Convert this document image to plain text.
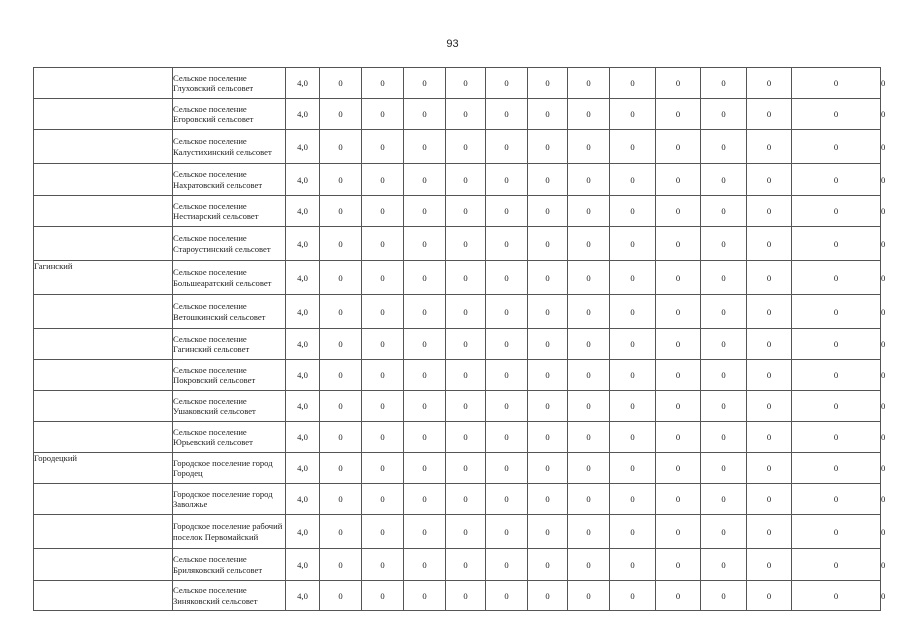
93
	Сельское поселение Глуховский сельсовет	4,0	0	0	0	0	0	0	0	0	0	0	0	0	0
	Сельское поселение Егоровский сельсовет	4,0	0	0	0	0	0	0	0	0	0	0	0	0	0
	Сельское поселение Калустихинский сельсовет	4,0	0	0	0	0	0	0	0	0	0	0	0	0	0
	Сельское поселение Нахратовский сельсовет	4,0	0	0	0	0	0	0	0	0	0	0	0	0	0
	Сельское поселение Нестиарский сельсовет	4,0	0	0	0	0	0	0	0	0	0	0	0	0	0
	Сельское поселение Староустинский сельсовет	4,0	0	0	0	0	0	0	0	0	0	0	0	0	0
Гагинский	Сельское поселение Большеаратский сельсовет	4,0	0	0	0	0	0	0	0	0	0	0	0	0	0
	Сельское поселение Ветошкинский сельсовет	4,0	0	0	0	0	0	0	0	0	0	0	0	0	0
	Сельское поселение Гагинский сельсовет	4,0	0	0	0	0	0	0	0	0	0	0	0	0	0
	Сельское поселение Покровский сельсовет	4,0	0	0	0	0	0	0	0	0	0	0	0	0	0
	Сельское поселение Ушаковский сельсовет	4,0	0	0	0	0	0	0	0	0	0	0	0	0	0
	Сельское поселение Юрьевский сельсовет	4,0	0	0	0	0	0	0	0	0	0	0	0	0	0
Городецкий	Городское поселение город Городец	4,0	0	0	0	0	0	0	0	0	0	0	0	0	0
	Городское поселение город Заволжье	4,0	0	0	0	0	0	0	0	0	0	0	0	0	0
	Городское поселение рабочий поселок Первомайский	4,0	0	0	0	0	0	0	0	0	0	0	0	0	0
	Сельское поселение Бриляковский сельсовет	4,0	0	0	0	0	0	0	0	0	0	0	0	0	0
	Сельское поселение Зиняковский сельсовет	4,0	0	0	0	0	0	0	0	0	0	0	0	0	0
